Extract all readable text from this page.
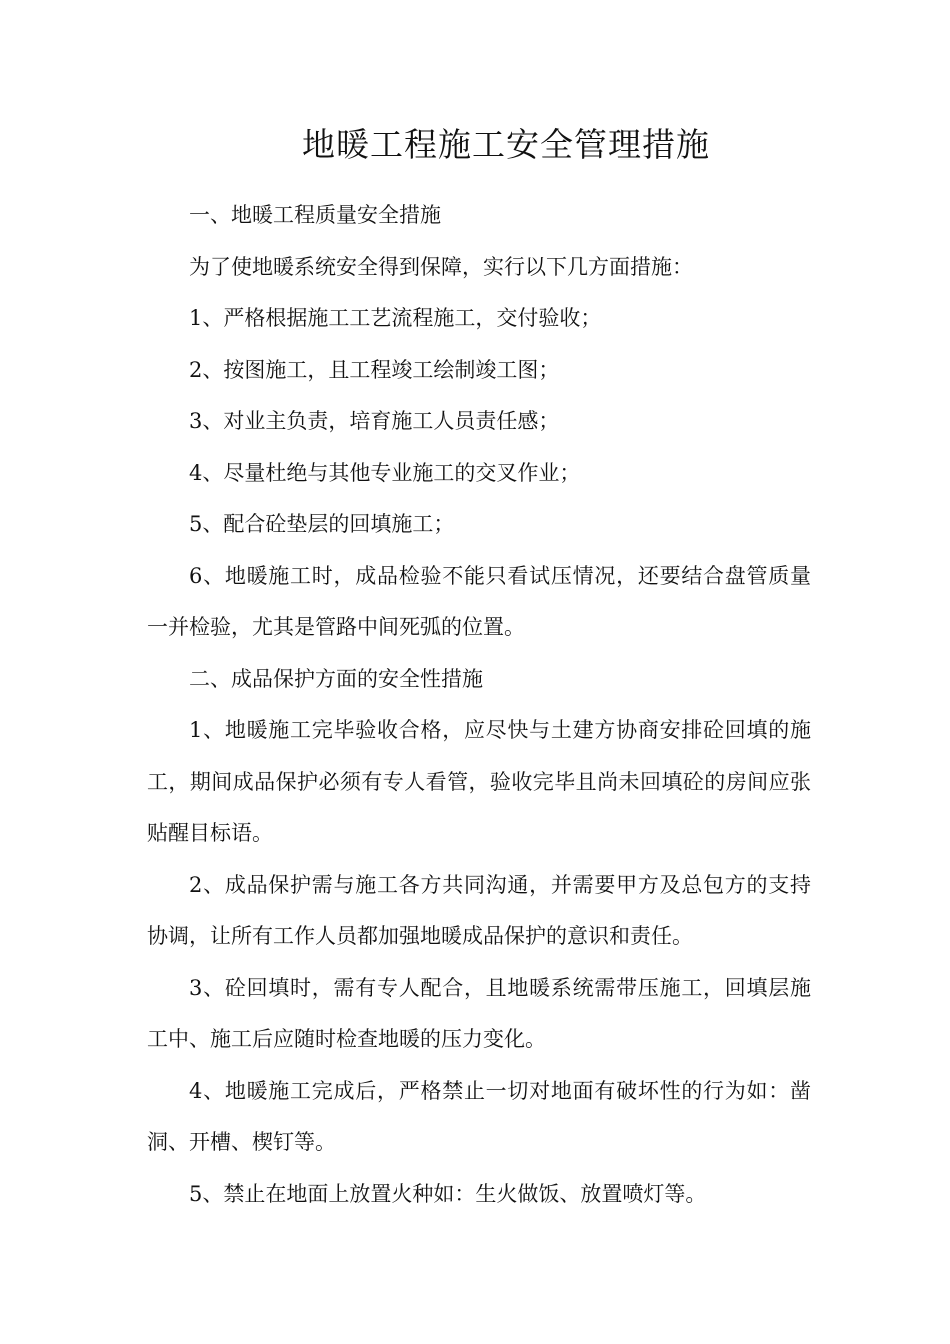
地暖工程施工安全管理措施

一、地暖工程质量安全措施

为了使地暖系统安全得到保障，实行以下几方面措施：

1、严格根据施工工艺流程施工，交付验收；

2、按图施工，且工程竣工绘制竣工图；

3、对业主负责，培育施工人员责任感；

4、尽量杜绝与其他专业施工的交叉作业；

5、配合砼垫层的回填施工；

6、地暖施工时，成品检验不能只看试压情况，还要结合盘管质量一并检验，尤其是管路中间死弧的位置。

二、成品保护方面的安全性措施

1、地暖施工完毕验收合格，应尽快与土建方协商安排砼回填的施工，期间成品保护必须有专人看管，验收完毕且尚未回填砼的房间应张贴醒目标语。

2、成品保护需与施工各方共同沟通，并需要甲方及总包方的支持协调，让所有工作人员都加强地暖成品保护的意识和责任。

3、砼回填时，需有专人配合，且地暖系统需带压施工，回填层施工中、施工后应随时检查地暖的压力变化。

4、地暖施工完成后，严格禁止一切对地面有破坏性的行为如：凿洞、开槽、楔钉等。

5、禁止在地面上放置火种如：生火做饭、放置喷灯等。
